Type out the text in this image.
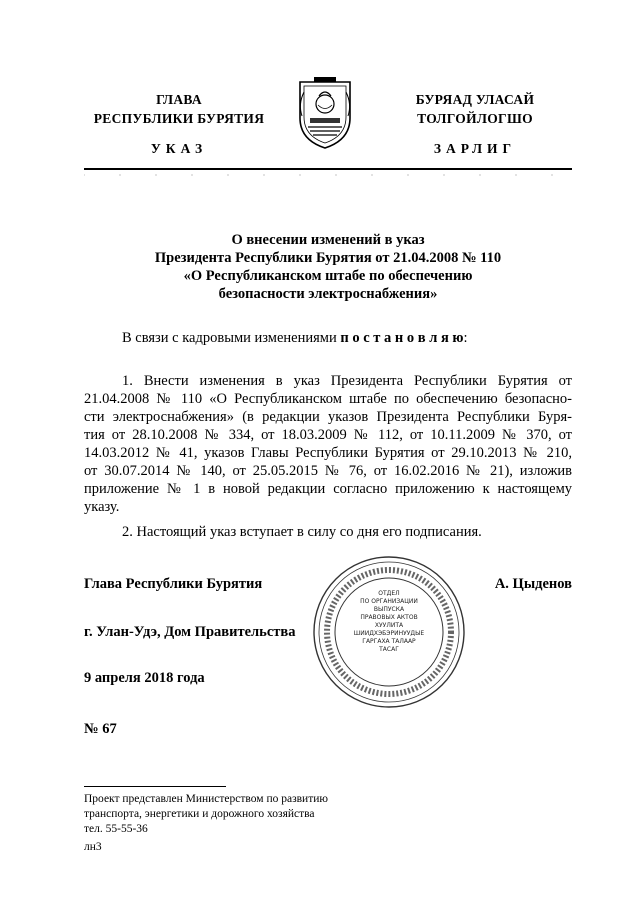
ГЛАВА
РЕСПУБЛИКИ БУРЯТИЯ
УКАЗ
БУРЯАД УЛАСАЙ
ТОЛГОЙЛОГШО
ЗАРЛИГ
О внесении изменений в указ
Президента Республики Бурятия от 21.04.2008 № 110
«О Республиканском штабе по обеспечению
безопасности электроснабжения»
В связи с кадровыми изменениями п о с т а н о в л я ю:
1. Внести изменения в указ Президента Республики Бурятия от
21.04.2008 № 110 «О Республиканском штабе по обеспечению безопасно-
сти электроснабжения» (в редакции указов Президента Республики Буря-
тия от 28.10.2008 № 334, от 18.03.2009 № 112, от 10.11.2009 № 370, от
14.03.2012 № 41, указов Главы Республики Бурятия от 29.10.2013 № 210,
от 30.07.2014 № 140, от 25.05.2015 № 76, от 16.02.2016 № 21), изложив
приложение № 1 в новой редакции согласно приложению к настоящему
указу.
2. Настоящий указ вступает в силу со дня его подписания.
Глава Республики Бурятия	А. Цыденов
г. Улан-Удэ, Дом Правительства
9 апреля 2018 года
№ 67
ОТДЕЛ
ПО ОРГАНИЗАЦИИ
ВЫПУСКА
ПРАВОВЫХ АКТОВ
ХУУЛИТА
ШИИДХЭБЭРИНУУДЫЕ
ГАРГАХА ТАЛААР
ТАСАГ
Проект представлен Министерством по развитию
транспорта, энергетики и дорожного хозяйства
тел. 55-55-36
лн3
